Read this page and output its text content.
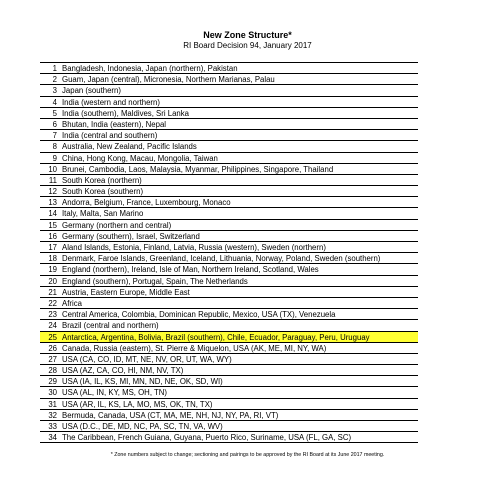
New Zone Structure*
RI Board Decision 94, January 2017
1 Bangladesh, Indonesia, Japan (northern), Pakistan
2 Guam, Japan (central), Micronesia, Northern Marianas, Palau
3 Japan (southern)
4 India (western and northern)
5 India (southern), Maldives, Sri Lanka
6 Bhutan, India (eastern), Nepal
7 India (central and southern)
8 Australia, New Zealand, Pacific Islands
9 China, Hong Kong, Macau, Mongolia, Taiwan
10 Brunei, Cambodia, Laos, Malaysia, Myanmar, Philippines, Singapore, Thailand
11 South Korea (northern)
12 South Korea (southern)
13 Andorra, Belgium, France, Luxembourg, Monaco
14 Italy, Malta, San Marino
15 Germany (northern and central)
16 Germany (southern), Israel, Switzerland
17 Aland Islands, Estonia, Finland, Latvia, Russia (western), Sweden (northern)
18 Denmark, Faroe Islands, Greenland, Iceland, Lithuania, Norway, Poland, Sweden (southern)
19 England (northern), Ireland, Isle of Man, Northern Ireland, Scotland, Wales
20 England (southern), Portugal, Spain, The Netherlands
21 Austria, Eastern Europe, Middle East
22 Africa
23 Central America, Colombia, Dominican Republic, Mexico, USA (TX), Venezuela
24 Brazil (central and northern)
25 Antarctica, Argentina, Bolivia, Brazil (southern), Chile, Ecuador, Paraguay, Peru, Uruguay
26 Canada, Russia (eastern), St. Pierre & Miquelon, USA (AK, ME, MI, NY, WA)
27 USA (CA, CO, ID, MT, NE, NV, OR, UT, WA, WY)
28 USA (AZ, CA, CO, HI, NM, NV, TX)
29 USA (IA, IL, KS, MI, MN, ND, NE, OK, SD, WI)
30 USA (AL, IN, KY, MS, OH, TN)
31 USA (AR, IL, KS, LA, MO, MS, OK, TN, TX)
32 Bermuda, Canada, USA (CT, MA, ME, NH, NJ, NY, PA, RI, VT)
33 USA (D.C., DE, MD, NC, PA, SC, TN, VA, WV)
34 The Caribbean, French Guiana, Guyana, Puerto Rico, Suriname, USA (FL, GA, SC)
* Zone numbers subject to change; sectioning and pairings to be approved by the RI Board at its June 2017 meeting.
